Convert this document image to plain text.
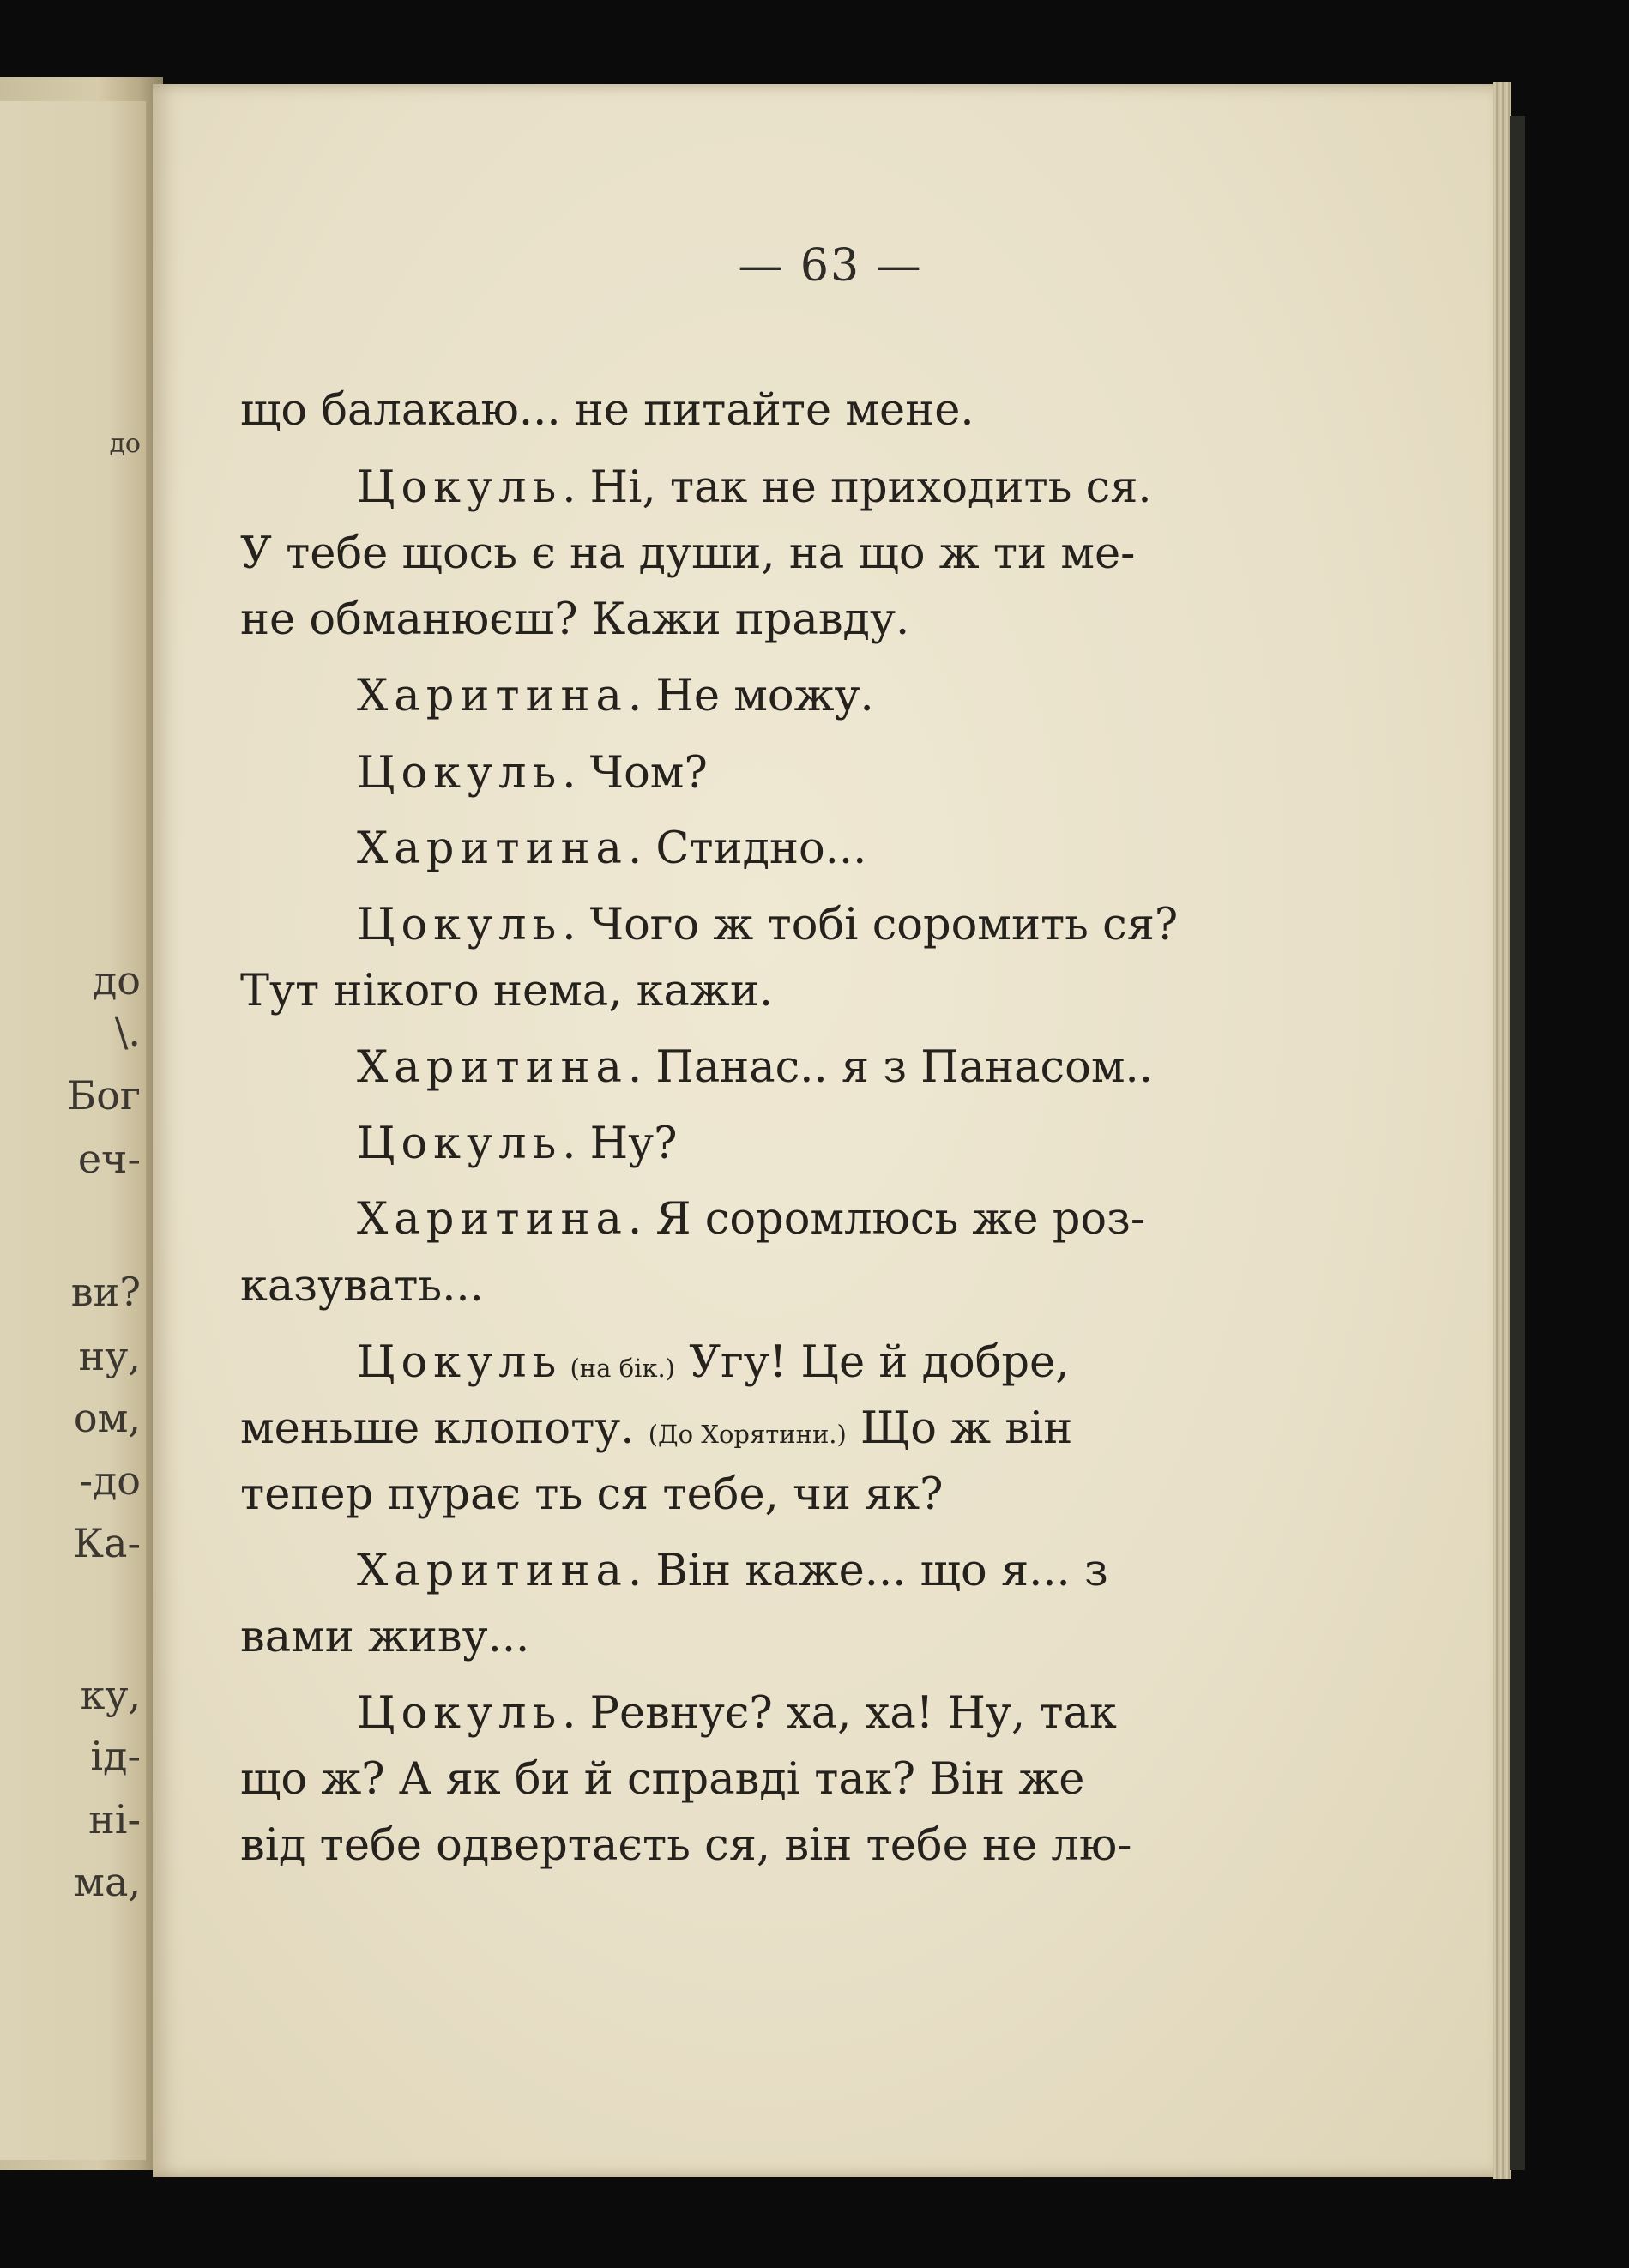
до

до

\.

Бог

еч-

ви?

ну,

ом,

-до

Ка-

ку,

ід-

ні-

ма,

— 63 —

що балакаю... не питайте мене.

Цокуль. Ні, так не приходить ся.

У тебе щось є на души, на що ж ти ме-

не обманюєш? Кажи правду.

Харитина. Не можу.

Цокуль. Чом?

Харитина. Стидно...

Цокуль. Чого ж тобі соромить ся?

Тут нікого нема, кажи.

Харитина. Панас.. я з Панасом..

Цокуль. Ну?

Харитина. Я соромлюсь же роз-

казувать...

Цокуль (на бік.) Угу! Це й добре,

меньше клопоту. (До Хорятини.) Що ж він

тепер пурає ть ся тебе, чи як?

Харитина. Він каже... що я... з

вами живу...

Цокуль. Ревнує? ха, ха! Ну, так

що ж? А як би й справді так? Він же

від тебе одвертаєть ся, він тебе не лю-
